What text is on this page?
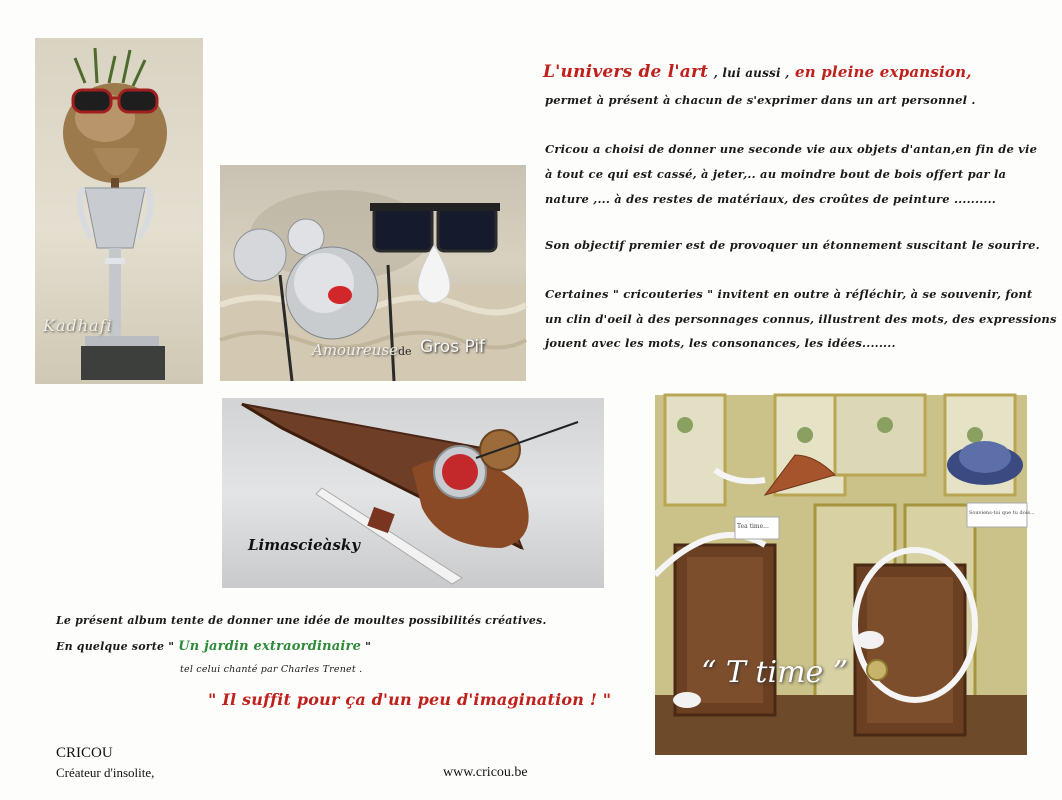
Kadhafi
Amoureuse de Gros Pif
Limascieàsky
Tea time...
Souviens-toi que tu dois...
“ T time ”
L'univers de l'art , lui aussi , en pleine expansion,
permet à présent à chacun de s'exprimer dans un art personnel .
Cricou a choisi de donner une seconde vie aux objets d'antan,en fin de vie
à tout ce qui est cassé, à jeter,.. au moindre bout de bois offert par la
nature ,... à des restes de matériaux, des croûtes de peinture ..........
Son objectif premier est de provoquer un étonnement suscitant le sourire.
Certaines " cricouteries " invitent en outre à réfléchir, à se souvenir, font
un clin d'oeil à des personnages connus, illustrent des mots, des expressions
jouent avec les mots, les consonances, les idées........
Le présent album tente de donner une idée de moultes possibilités créatives.
En quelque sorte " Un jardin extraordinaire "
tel celui chanté par Charles Trenet .
" Il suffit pour ça d'un peu d'imagination ! "
CRICOU
Créateur d'insolite,	www.cricou.be
